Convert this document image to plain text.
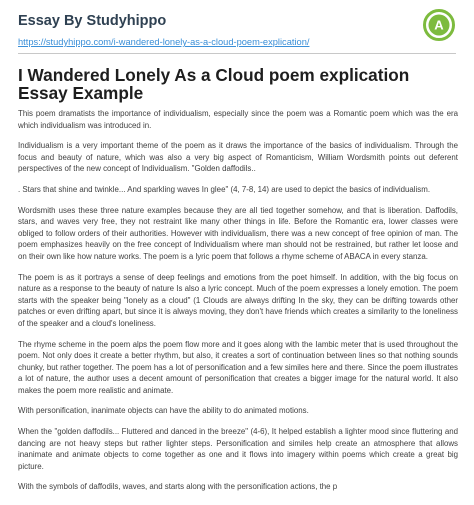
Essay By Studyhippo
https://studyhippo.com/i-wandered-lonely-as-a-cloud-poem-explication/
A
I Wandered Lonely As a Cloud poem explication Essay Example

This poem dramatists the importance of individualism, especially since the poem was a Romantic poem which was the era which individualism was introduced in.

Individualism is a very important theme of the poem as it draws the importance of the basics of individualism. Through the focus and beauty of nature, which was also a very big aspect of Romanticism, William Wordsmith points out deferent perspectives of the new concept of Individualism. "Golden daffodils..

. Stars that shine and twinkle... And sparkling waves In glee" (4, 7-8, 14) are used to depict the basics of individualism.

Wordsmith uses these three nature examples because they are all tied together somehow, and that is liberation. Daffodils, stars, and waves very free, they not restraint like many other things in life. Before the Romantic era, lower classes were obliged to follow orders of their authorities. However with individualism, there was a new concept of free opinion of man. The poem emphasizes heavily on the free concept of Individualism where man should not be restrained, but rather let loose and on their own like how nature works. The poem is a lyric poem that follows a rhyme scheme of ABACA in every stanza.

The poem is as it portrays a sense of deep feelings and emotions from the poet himself. In addition, with the big focus on nature as a response to the beauty of nature Is also a lyric concept. Much of the poem expresses a lonely emotion. The poem starts with the speaker being "lonely as a cloud" (1 Clouds are always drifting In the sky, they can be drifting towards other patches or even drifting apart, but since it is always moving, they don't have friends which creates a similarity to the loneliness of the speaker and a cloud's loneliness.

The rhyme scheme in the poem alps the poem flow more and it goes along with the Iambic meter that is used throughout the poem. Not only does it create a better rhythm, but also, it creates a sort of continuation between lines so that nothing sounds chunky, but rather together. The poem has a lot of personification and a few similes here and there. Since the poem illustrates a lot of nature, the author uses a decent amount of personification that creates a bigger image for the natural world. It also makes the poem more realistic and animate.

With personification, inanimate objects can have the ability to do animated motions.

When the "golden daffodils... Fluttered and danced in the breeze" (4-6), It helped establish a lighter mood since fluttering and dancing are not heavy steps but rather lighter steps. Personification and similes help create an atmosphere that allows inanimate and animate objects to come together as one and it flows into imagery within poems which create a great big picture.

With the symbols of daffodils, waves, and starts along with the personification actions, the p
